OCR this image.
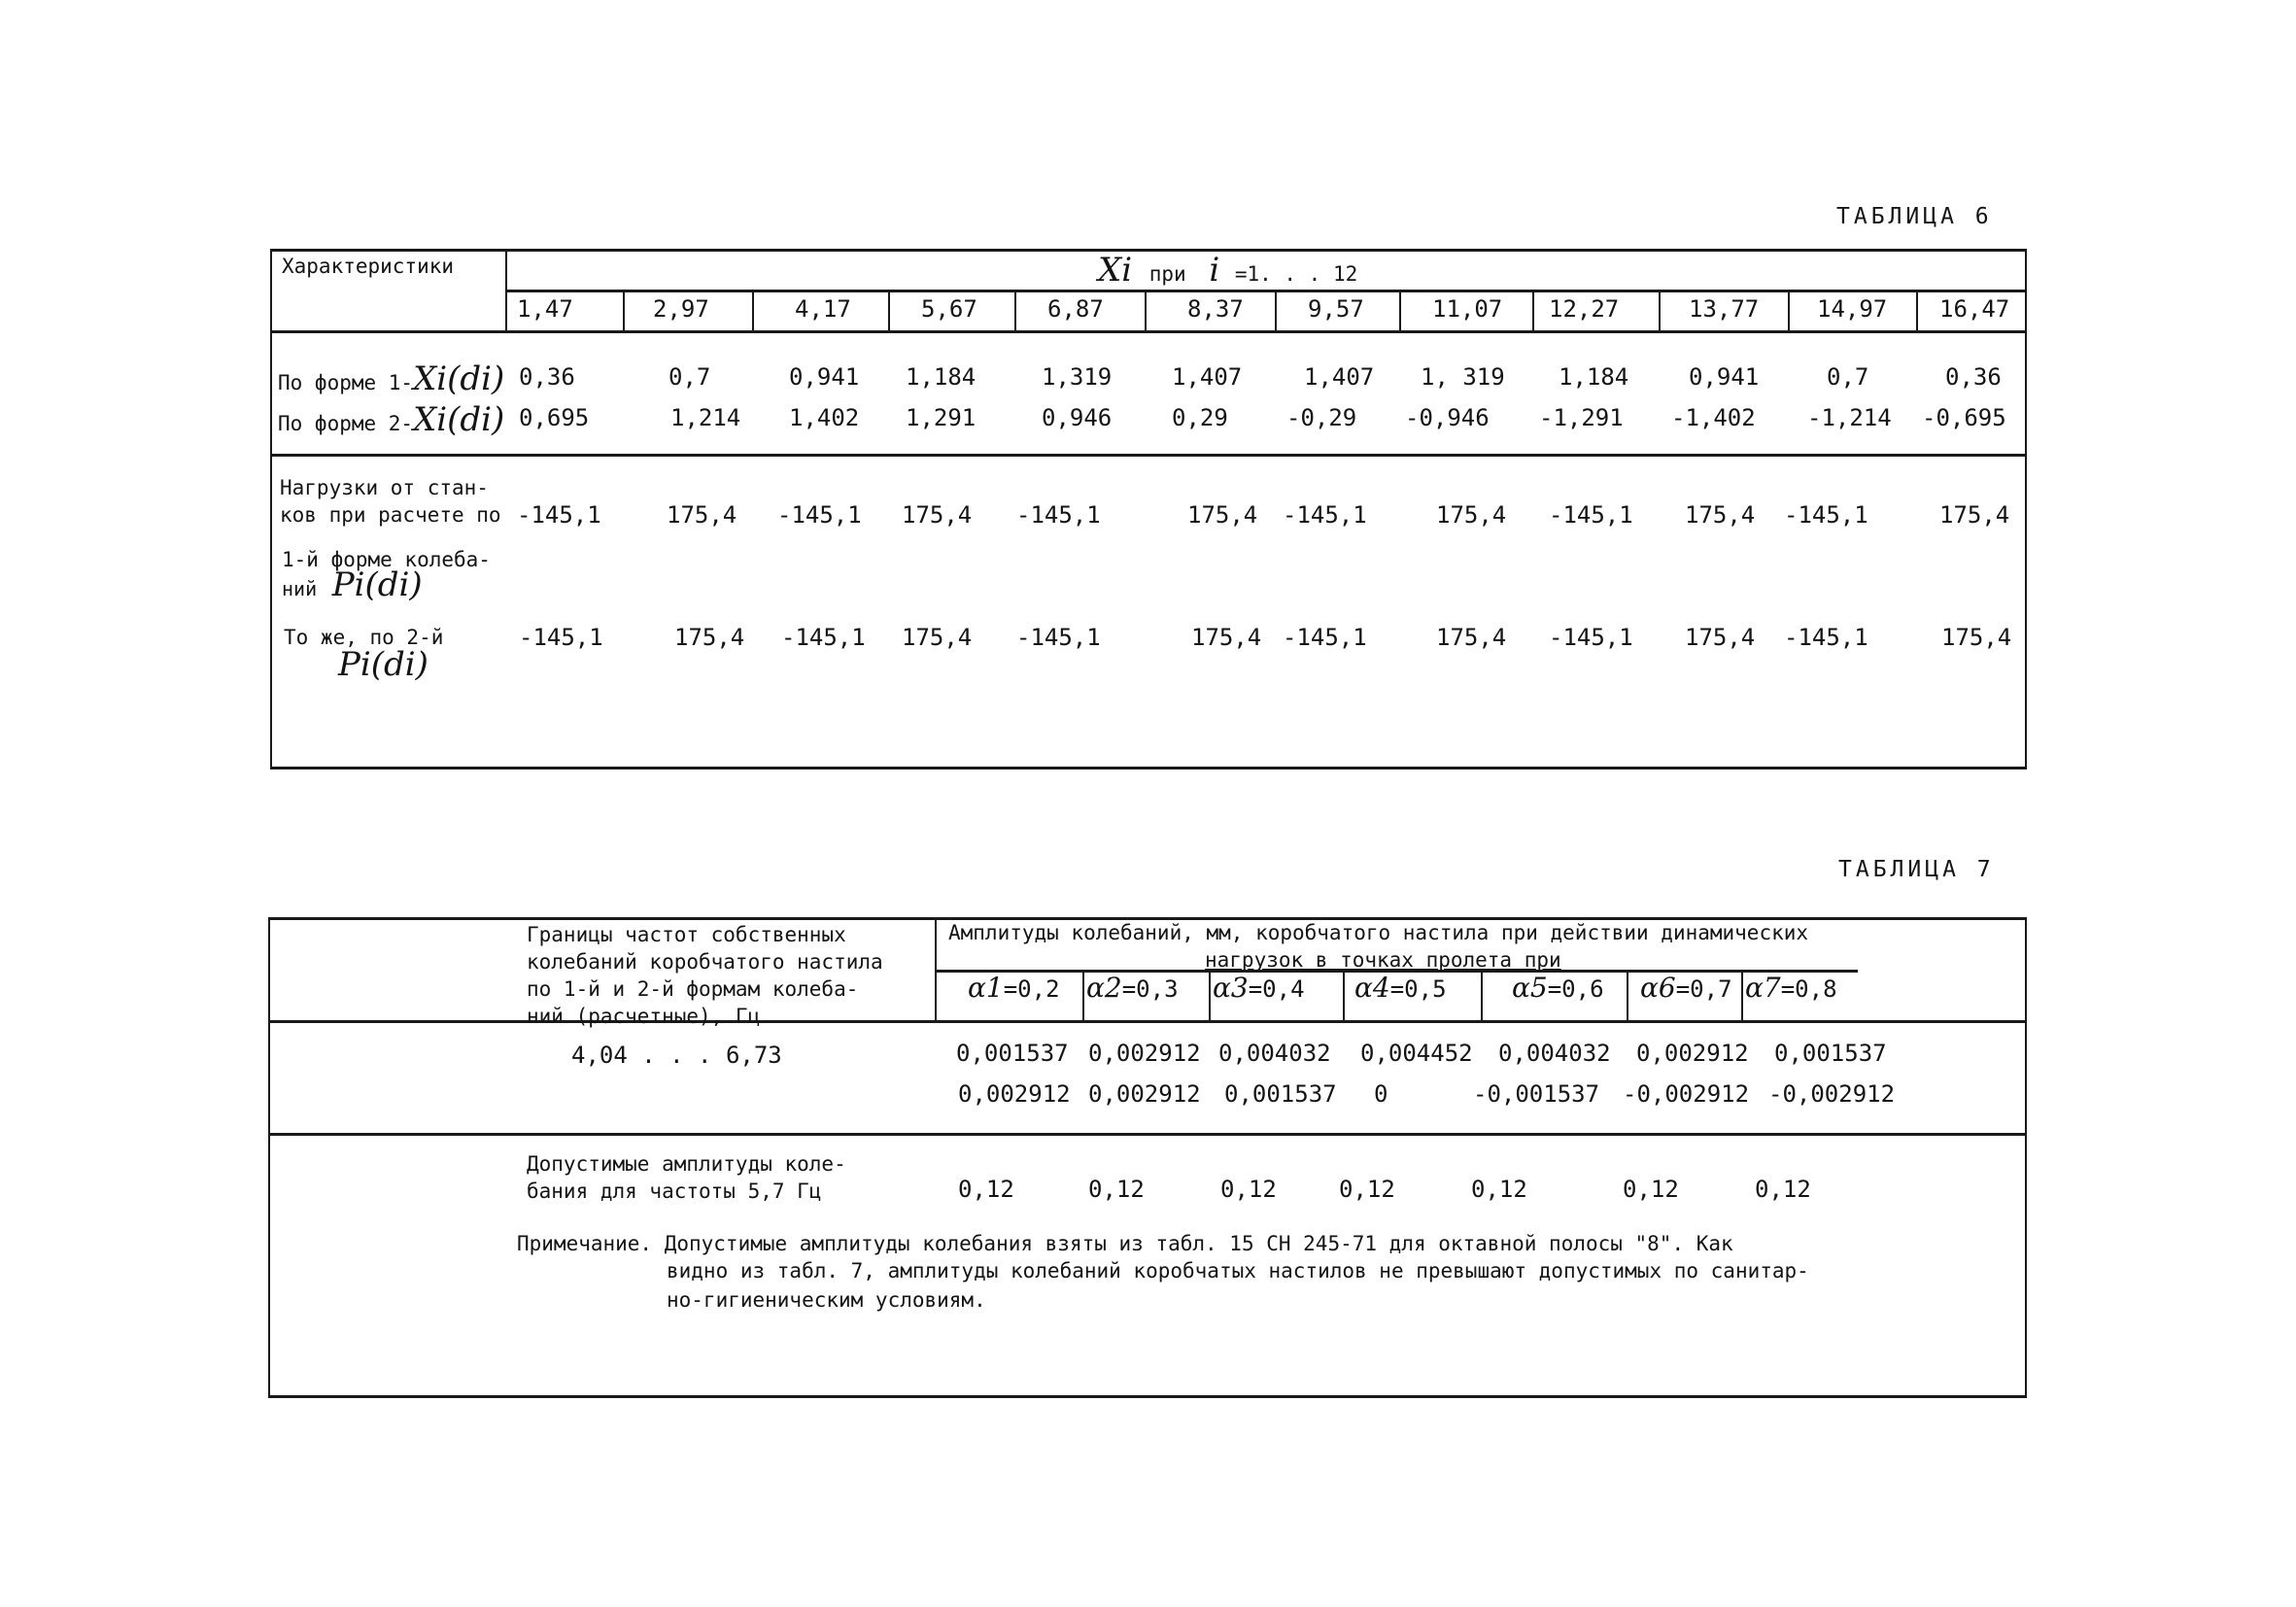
ТАБЛИЦА 6
Характеристики	Xi при i =1. . . 12
1,47	2,97	4,17	5,67	6,87	8,37	9,57	11,07 12,27	13,77 14,97 16,47
По форме 1-Xi(di) 0,36	0,7	0,941 1,184	1,319	1,407	1,407 1, 319 1,184	0,941	0,7	0,36
По форме 2-Xi(di) 0,695	1,214 1,402 1,291	0,946	0,29	-0,29 -0,946 -1,291 -1,402 -1,214 -0,695
Нагрузки от стан-
ков при расчете по
1-й форме колеба-
ний Pi(di)
-145,1	175,4 -145,1 175,4 -145,1	175,4 -145,1	175,4 -145,1 175,4 -145,1	175,4
То же, по 2-й
Pi(di)
-145,1	175,4 -145,1 175,4 -145,1	175,4 -145,1	175,4 -145,1 175,4 -145,1	175,4
ТАБЛИЦА 7
Границы частот собственных
колебаний коробчатого настила
по 1-й и 2-й формам колеба-
ний (расчетные), Гц
Амплитуды колебаний, мм, коробчатого настила при действии динамических
нагрузок в точках пролета при
α1=0,2 α2=0,3 α3=0,4 α4=0,5 α5=0,6 α6=0,7 α7=0,8
4,04 . . . 6,73	0,001537 0,002912 0,004032 0,004452 0,004032 0,002912 0,001537
0,002912 0,002912 0,001537 0	-0,001537 -0,002912 -0,002912
Допустимые амплитуды коле-
бания для частоты 5,7 Гц	0,12	0,12	0,12	0,12	0,12	0,12	0,12
Примечание. Допустимые амплитуды колебания взяты из табл. 15 СН 245-71 для октавной полосы "8". Как
видно из табл. 7, амплитуды колебаний коробчатых настилов не превышают допустимых по санитар-
но-гигиеническим условиям.
